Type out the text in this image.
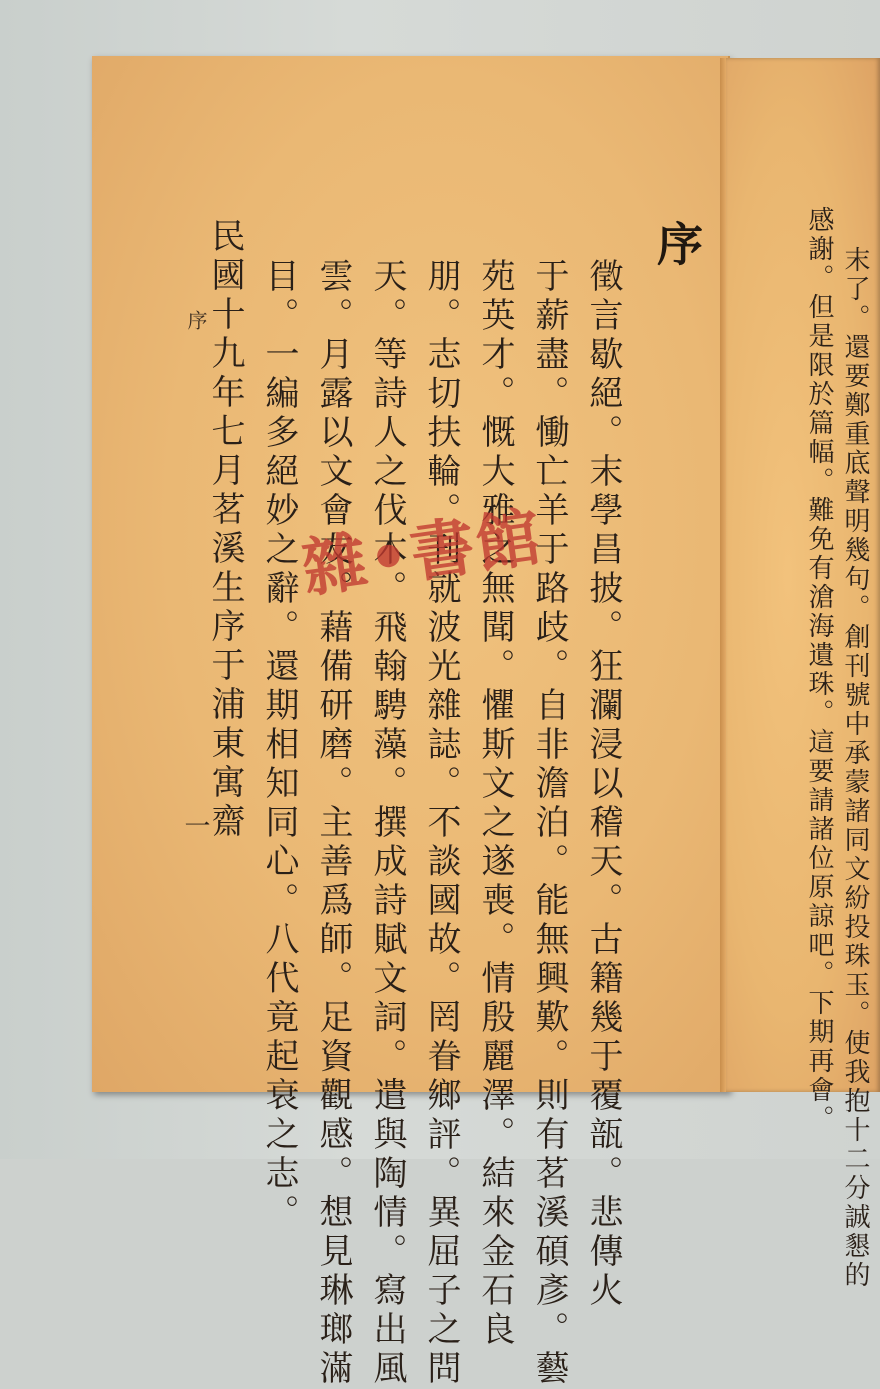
序
徵言歇絕。末學昌披。狂瀾浸以稽天。古籍幾于覆瓿。悲傳火
于薪盡。慟亡羊于路歧。自非澹泊。能無興歎。則有茗溪碩彥。藝
苑英才。慨大雅之無聞。懼斯文之遂喪。情殷麗澤。結來金石良
朋。志切扶輪。刊就波光雜誌。不談國故。罔眷鄉評。異屈子之問
天。等詩人之伐木。飛翰騁藻。撰成詩賦文詞。遣與陶情。寫出風
雲。月露以文會友。藉備研磨。主善爲師。足資觀感。想見琳瑯滿
目。一編多絕妙之辭。還期相知同心。八代竟起衰之志。
民國十九年七月茗溪生序于浦東寓齋
序
一	末了。還要鄭重底聲明幾句。創刊號中承蒙諸同文紛投珠玉。使我抱十二分誠懇的
感謝。但是限於篇幅。難免有滄海遺珠。這要請諸位原諒吧。下期再會。
雜•書館
